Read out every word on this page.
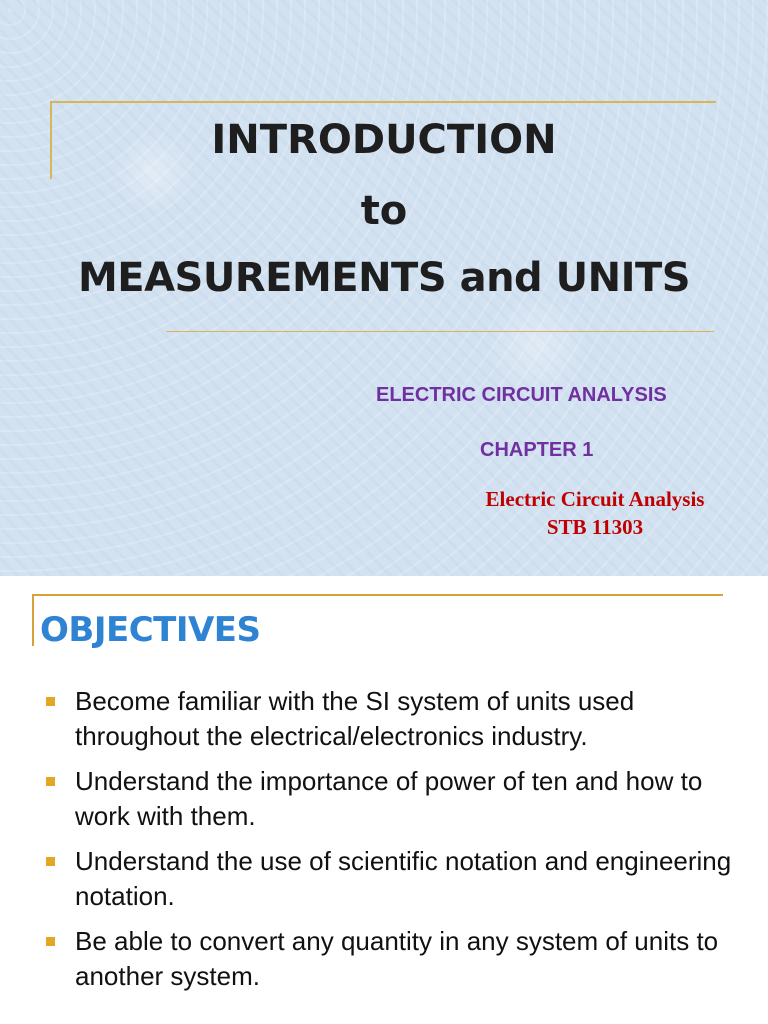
INTRODUCTION
to
MEASUREMENTS and UNITS

ELECTRIC CIRCUIT ANALYSIS

CHAPTER 1

Electric Circuit Analysis

STB 11303

OBJECTIVES
Become familiar with the SI system of units used throughout the electrical/electronics industry.
Understand the importance of power of ten and how to work with them.
Understand the use of scientific notation and engineering notation.
Be able to convert any quantity in any system of units to another system.
